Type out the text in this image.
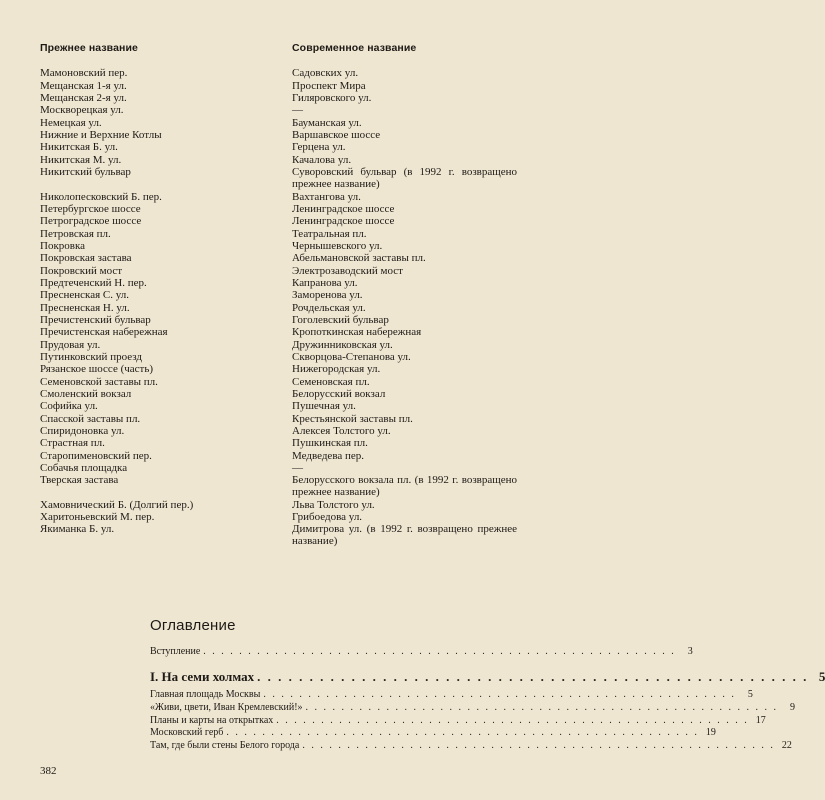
Прежнее название	Современное название
Мамоновский пер.	Садовских ул.
Мещанская 1-я ул.	Проспект Мира
Мещанская 2-я ул.	Гиляровского ул.
Москворецкая ул.	—
Немецкая ул.	Бауманская ул.
Нижние и Верхние Котлы	Варшавское шоссе
Никитская Б. ул.	Герцена ул.
Никитская М. ул.	Качалова ул.
Никитский бульвар	Суворовский бульвар (в 1992 г. возвращено прежнее название)
Николопесковский Б. пер.	Вахтангова ул.
Петербургское шоссе	Ленинградское шоссе
Петроградское шоссе	Ленинградское шоссе
Петровская пл.	Театральная пл.
Покровка	Чернышевского ул.
Покровская застава	Абельмановской заставы пл.
Покровский мост	Электрозаводский мост
Предтеченский Н. пер.	Капранова ул.
Пресненская С. ул.	Заморенова ул.
Пресненская Н. ул.	Рочдельская ул.
Пречистенский бульвар	Гоголевский бульвар
Пречистенская набережная	Кропоткинская набережная
Прудовая ул.	Дружинниковская ул.
Путинковский проезд	Скворцова-Степанова ул.
Рязанское шоссе (часть)	Нижегородская ул.
Семеновской заставы пл.	Семеновская пл.
Смоленский вокзал	Белорусский вокзал
Софийка ул.	Пушечная ул.
Спасской заставы пл.	Крестьянской заставы пл.
Спиридоновка ул.	Алексея Толстого ул.
Страстная пл.	Пушкинская пл.
Старопименовский пер.	Медведева пер.
Собачья площадка	—
Тверская застава	Белорусского вокзала пл. (в 1992 г. возвращено прежнее название)
Хамовнический Б. (Долгий пер.)	Льва Толстого ул.
Харитоньевский М. пер.	Грибоедова ул.
Якиманка Б. ул.	Димитрова ул. (в 1992 г. возвращено прежнее название)
Оглавление
Вступление . . . . . . . . . . . . . . . . . . . . . . . . . . . . . . . . . . . . . . . . . . . . . . . . . . . . .	3
I. На семи холмах . . . . . . . . . . . . . . . . . . . . . . . . . . . . . . . . . . . . . . . . . . . . . . . . . . . . . 5
Главная площадь Москвы . . . . . . . . . . . . . . . . . . . . . . . . . . . . . . . . . . . . . . . . . . . . . . . . . . . . .	5
«Живи, цвети, Иван Кремлевский!» . . . . . . . . . . . . . . . . . . . . . . . . . . . . . . . . . . . . . . . . . . . . . . . . . . . . .	9
Планы и карты на открытках . . . . . . . . . . . . . . . . . . . . . . . . . . . . . . . . . . . . . . . . . . . . . . . . . . . . . 17
Московский герб . . . . . . . . . . . . . . . . . . . . . . . . . . . . . . . . . . . . . . . . . . . . . . . . . . . . . 19
Там, где были стены Белого города . . . . . . . . . . . . . . . . . . . . . . . . . . . . . . . . . . . . . . . . . . . . . . . . . . . . . 22
382
